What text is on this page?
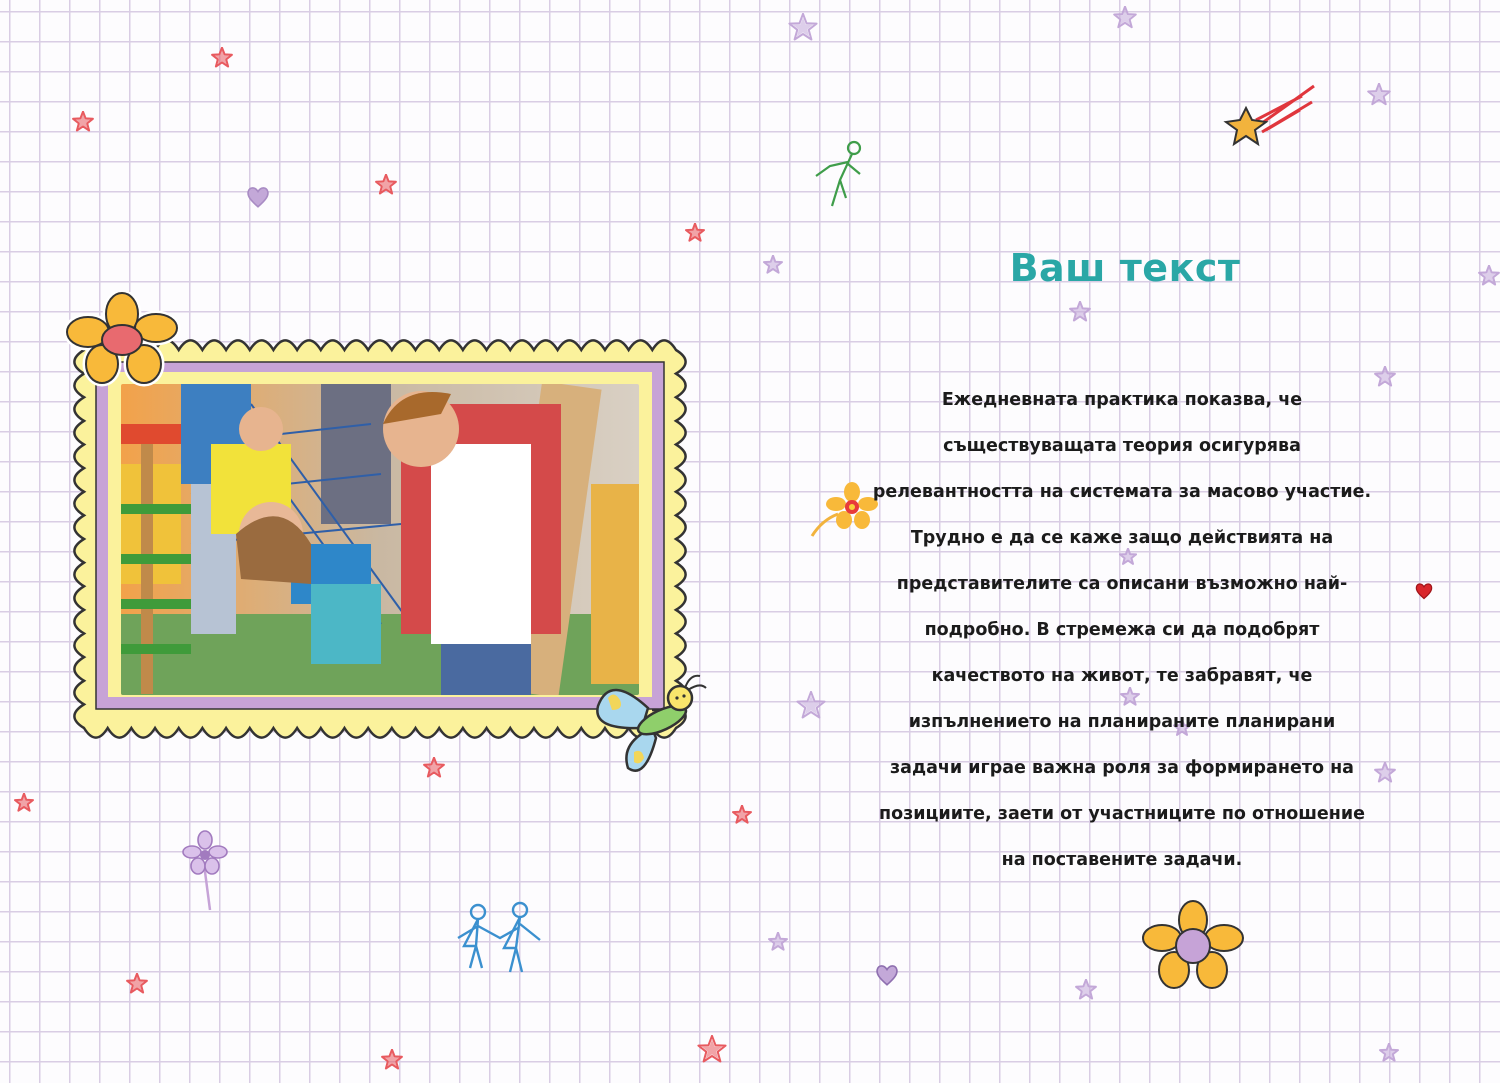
Ваш текст

Ежедневната практика показва, че съществуващата теория осигурява релевантността на системата за масово участие. Трудно е да се каже защо действията на представителите са описани възможно най-подробно. В стремежа си да подобрят качеството на живот, те забравят, че изпълнението на планираните планирани задачи играе важна роля за формирането на позициите, заети от участниците по отношение на поставените задачи.
